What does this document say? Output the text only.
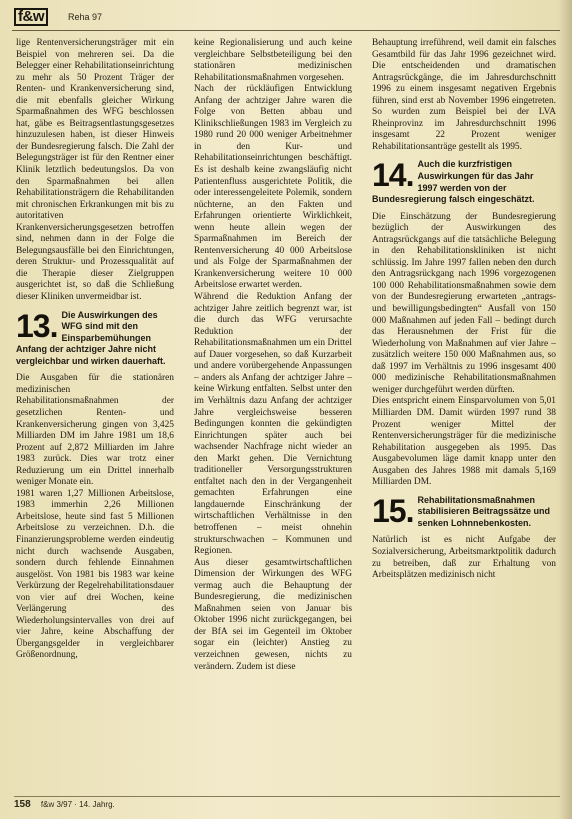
f&w	Reha 97

lige Rentenversicherungsträger mit ein Beispiel von mehreren sei. Da die Belegger einer Rehabilitationseinrichtung zu mehr als 50 Prozent Träger der Renten- und Krankenversicherung sind, die mit ebenfalls gleicher Wirkung Sparmaßnahmen des WFG beschlossen hat, gäbe es Beitragsentlastungsgesetzes hinzuzulesen haben, ist dieser Hinweis der Bundesregierung falsch. Die Zahl der Belegungsträger ist für den Rentner einer Klinik letztlich bedeutungslos. Da von den Sparmaßnahmen bei allen Rehabilitationsträgern die Rehabilitanden mit chronischen Erkrankungen mit bis zu autoritativen Krankenversicherungsgesetzen betroffen sind, nehmen dann in der Folge die Belegungsausfälle bei den Einrichtungen, deren Struktur- und Prozessqualität auf die Therapie dieser Zielgruppen ausgerichtet ist, so daß die Schließung dieser Kliniken unvermeidbar ist.

13. Die Auswirkungen des WFG sind mit den Einsparbemühungen Anfang der achtziger Jahre nicht vergleichbar und wirken dauerhaft.

Die Ausgaben für die stationären medizinischen Rehabilitationsmaßnahmen der gesetzlichen Renten- und Krankenversicherung gingen von 3,425 Milliarden DM im Jahre 1981 um 18,6 Prozent auf 2,872 Milliarden im Jahre 1983 zurück. Dies war trotz einer Reduzierung um ein Drittel innerhalb weniger Monate ein.

1981 waren 1,27 Millionen Arbeitslose, 1983 immerhin 2,26 Millionen Arbeitslose, heute sind fast 5 Millionen Arbeitslose zu verzeichnen. D.h. die Finanzierungsprobleme werden eindeutig nicht durch wachsende Ausgaben, sondern durch fehlende Einnahmen ausgelöst. Von 1981 bis 1983 war keine Verkürzung der Regelrehabilitationsdauer von vier auf drei Wochen, keine Verlängerung des Wiederholungsintervalles von drei auf vier Jahre, keine Abschaffung der Übergangsgelder in vergleichbarer Größenordnung,

keine Regionalisierung und auch keine vergleichbare Selbstbeteiligung bei den stationären medizinischen Rehabilitationsmaßnahmen vorgesehen.

Nach der rückläufigen Entwicklung Anfang der achtziger Jahre waren die Folge von Betten abbau und Klinikschließungen 1983 im Vergleich zu 1980 rund 20 000 weniger Arbeitnehmer in den Kur- und Rehabilitationseinrichtungen beschäftigt. Es ist deshalb keine zwangsläufig nicht Patientenfluss ausgerichtete Politik, die oder interessengeleitete Polemik, sondern nüchterne, an den Fakten und Erfahrungen orientierte Wirklichkeit, wenn heute allein wegen der Sparmaßnahmen im Bereich der Rentenversicherung 40 000 Arbeitslose und als Folge der Sparmaßnahmen der Krankenversicherung weitere 10 000 Arbeitslose erwartet werden.

Während die Reduktion Anfang der achtziger Jahre zeitlich begrenzt war, ist die durch das WFG verursachte Reduktion der Rehabilitationsmaßnahmen um ein Drittel auf Dauer vorgesehen, so daß Kurzarbeit und andere vorübergehende Anpassungen – anders als Anfang der achtziger Jahre – keine Wirkung entfalten. Selbst unter den im Verhältnis dazu Anfang der achtziger Jahre vergleichsweise besseren Bedingungen konnten die gekündigten Einrichtungen später auch bei wachsender Nachfrage nicht wieder an den Markt gehen. Die Vernichtung traditioneller Versorgungsstrukturen entfaltet nach den in der Vergangenheit gemachten Erfahrungen eine langdauernde Einschränkung der wirtschaftlichen Verhältnisse in den betroffenen – meist ohnehin strukturschwachen – Kommunen und Regionen.

Aus dieser gesamtwirtschaftlichen Dimension der Wirkungen des WFG vermag auch die Behauptung der Bundesregierung, die medizinischen Maßnahmen seien von Januar bis Oktober 1996 nicht zurückgegangen, bei der BfA sei im Gegenteil im Oktober sogar ein (leichter) Anstieg zu verzeichnen gewesen, nichts zu verändern. Zudem ist diese

Behauptung irreführend, weil damit ein falsches Gesamtbild für das Jahr 1996 gezeichnet wird. Die entscheidenden und dramatischen Antragsrückgänge, die im Jahresdurchschnitt 1996 zu einem insgesamt negativen Ergebnis führen, sind erst ab November 1996 eingetreten. So wurden zum Beispiel bei der LVA Rheinprovinz im Jahresdurchschnitt 1996 insgesamt 22 Prozent weniger Rehabilitationsanträge gestellt als 1995.

14. Auch die kurzfristigen Auswirkungen für das Jahr 1997 werden von der Bundesregierung falsch eingeschätzt.

Die Einschätzung der Bundesregierung bezüglich der Auswirkungen des Antragsrückgangs auf die tatsächliche Belegung in den Rehabilitationskliniken ist nicht schlüssig. Im Jahre 1997 fallen neben den durch den Antragsrückgang nach 1996 vorgezogenen 100 000 Rehabilitationsmaßnahmen sowie dem von der Bundesregierung erwarteten „antrags- und bewilligungsbedingten“ Ausfall von 150 000 Maßnahmen auf jeden Fall – bedingt durch das Herausnehmen der Frist für die Wiederholung von Maßnahmen auf vier Jahre – zusätzlich weitere 150 000 Maßnahmen aus, so daß 1997 im Verhältnis zu 1996 insgesamt 400 000 medizinische Rehabilitationsmaßnahmen weniger durchgeführt werden dürften.

Dies entspricht einem Einsparvolumen von 5,01 Milliarden DM. Damit würden 1997 rund 38 Prozent weniger Mittel der Rentenversicherungsträger für die medizinische Rehabilitation ausgegeben als 1995. Das Ausgabevolumen läge damit knapp unter den Ausgaben des Jahres 1988 mit damals 5,169 Milliarden DM.

15. Rehabilitationsmaßnahmen stabilisieren Beitragssätze und senken Lohnnebenkosten.

Natürlich ist es nicht Aufgabe der Sozialversicherung, Arbeitsmarktpolitik dadurch zu betreiben, daß zur Erhaltung von Arbeitsplätzen medizinisch nicht

158 f&w 3/97 · 14. Jahrg.
